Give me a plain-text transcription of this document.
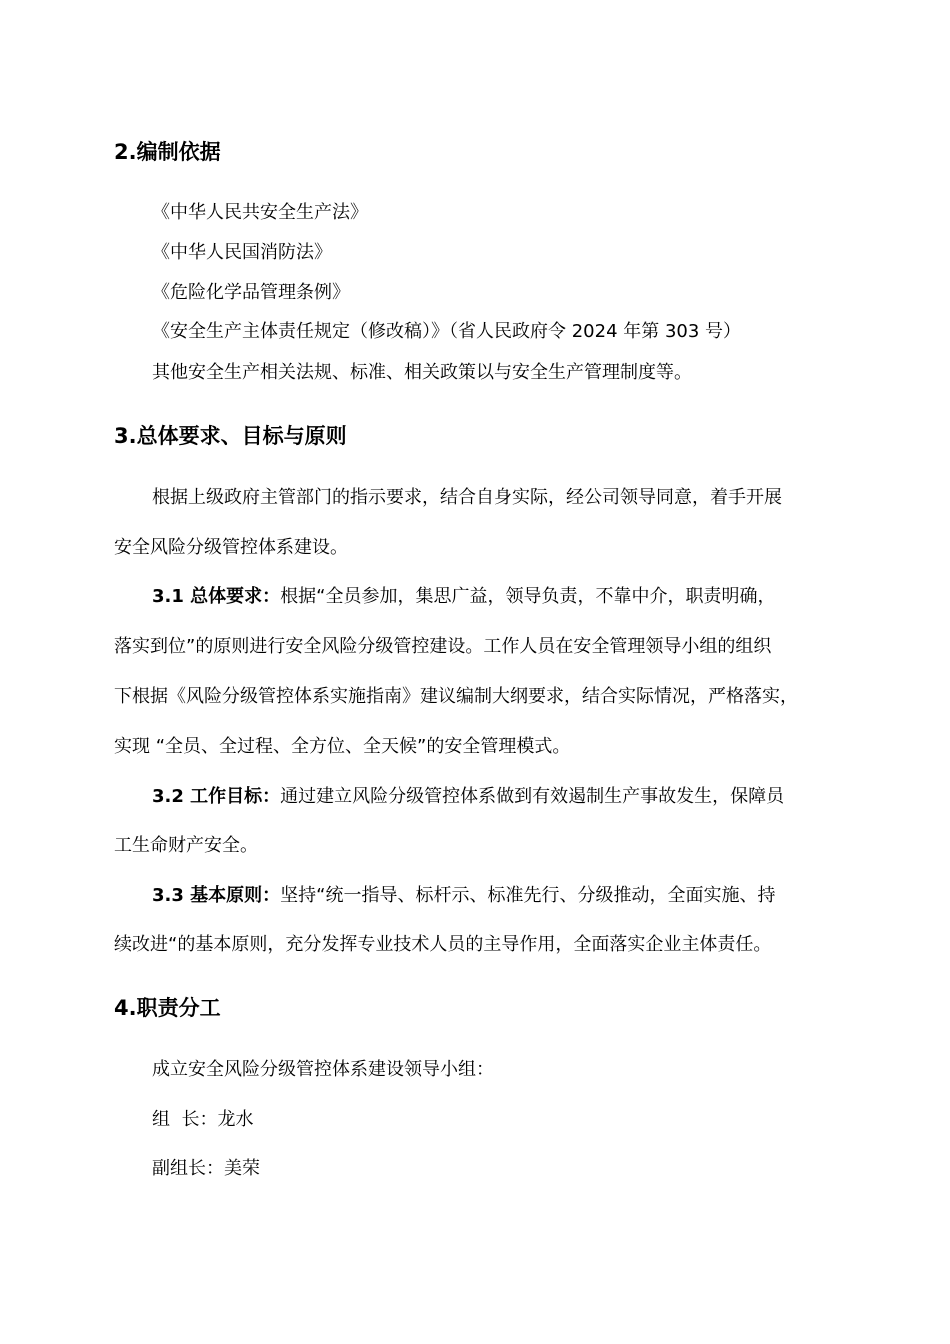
2.编制依据
《中华人民共安全生产法》
《中华人民国消防法》
《危险化学品管理条例》
《安全生产主体责任规定（修改稿）》（省人民政府令 2024 年第 303 号）
其他安全生产相关法规、标准、相关政策以与安全生产管理制度等。
3.总体要求、目标与原则
根据上级政府主管部门的指示要求，结合自身实际，经公司领导同意，着手开展
安全风险分级管控体系建设。
3.1 总体要求：根据“全员参加，集思广益，领导负责，不靠中介，职责明确，
落实到位”的原则进行安全风险分级管控建设。工作人员在安全管理领导小组的组织
下根据《风险分级管控体系实施指南》建议编制大纲要求，结合实际情况，严格落实，
实现 “全员、全过程、全方位、全天候”的安全管理模式。
3.2 工作目标：通过建立风险分级管控体系做到有效遏制生产事故发生，保障员
工生命财产安全。
3.3 基本原则：坚持“统一指导、标杆示、标准先行、分级推动，全面实施、持
续改进“的基本原则，充分发挥专业技术人员的主导作用，全面落实企业主体责任。
4.职责分工
成立安全风险分级管控体系建设领导小组：
组  长：龙水
副组长：美荣
